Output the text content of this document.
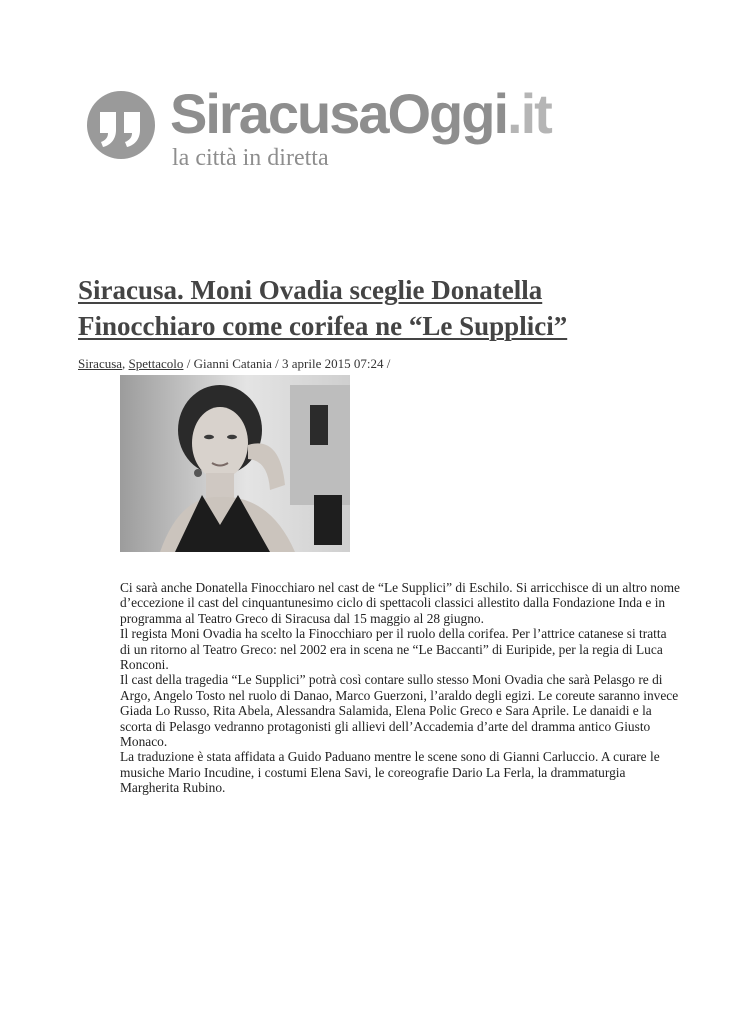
SiracusaOggi.it

la città in diretta

Siracusa. Moni Ovadia sceglie Donatella Finocchiaro come corifea ne “Le Supplici”

Siracusa, Spettacolo / Gianni Catania / 3 aprile 2015 07:24 /

Ci sarà anche Donatella Finocchiaro nel cast de “Le Supplici” di Eschilo. Si arricchisce di un altro nome d’eccezione il cast del cinquantunesimo ciclo di spettacoli classici allestito dalla Fondazione Inda e in programma al Teatro Greco di Siracusa dal 15 maggio al 28 giugno.

Il regista Moni Ovadia ha scelto la Finocchiaro per il ruolo della corifea. Per l’attrice catanese si tratta di un ritorno al Teatro Greco: nel 2002 era in scena ne “Le Baccanti” di Euripide, per la regia di Luca Ronconi.

Il cast della tragedia “Le Supplici” potrà così contare sullo stesso Moni Ovadia che sarà Pelasgo re di Argo, Angelo Tosto nel ruolo di Danao, Marco Guerzoni, l’araldo degli egizi. Le coreute saranno invece Giada Lo Russo, Rita Abela, Alessandra Salamida, Elena Polic Greco e Sara Aprile. Le danaidi e la scorta di Pelasgo vedranno protagonisti gli allievi dell’Accademia d’arte del dramma antico Giusto Monaco.

La traduzione è stata affidata a Guido Paduano mentre le scene sono di Gianni Carluccio. A curare le musiche Mario Incudine, i costumi Elena Savi, le coreografie Dario La Ferla, la drammaturgia Margherita Rubino.
